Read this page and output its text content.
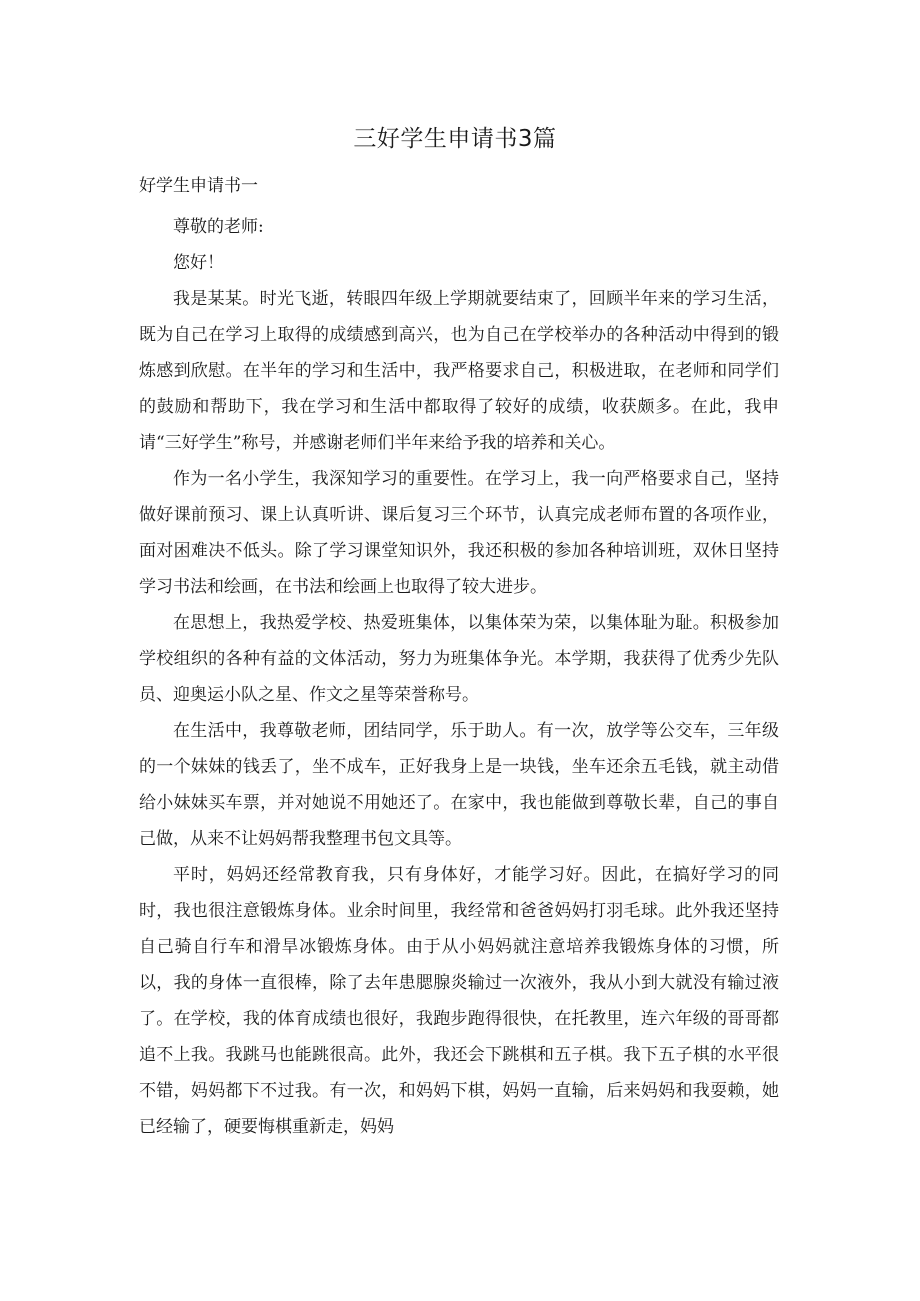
三好学生申请书3篇
好学生申请书一

尊敬的老师:

您好！

我是某某。时光飞逝，转眼四年级上学期就要结束了，回顾半年来的学习生活，既为自己在学习上取得的成绩感到高兴，也为自己在学校举办的各种活动中得到的锻炼感到欣慰。在半年的学习和生活中，我严格要求自己，积极进取，在老师和同学们的鼓励和帮助下，我在学习和生活中都取得了较好的成绩，收获颇多。在此，我申请“三好学生”称号，并感谢老师们半年来给予我的培养和关心。

作为一名小学生，我深知学习的重要性。在学习上，我一向严格要求自己，坚持做好课前预习、课上认真听讲、课后复习三个环节，认真完成老师布置的各项作业，面对困难决不低头。除了学习课堂知识外，我还积极的参加各种培训班，双休日坚持学习书法和绘画，在书法和绘画上也取得了较大进步。

在思想上，我热爱学校、热爱班集体，以集体荣为荣，以集体耻为耻。积极参加学校组织的各种有益的文体活动，努力为班集体争光。本学期，我获得了优秀少先队员、迎奥运小队之星、作文之星等荣誉称号。

在生活中，我尊敬老师，团结同学，乐于助人。有一次，放学等公交车，三年级的一个妹妹的钱丢了，坐不成车，正好我身上是一块钱，坐车还余五毛钱，就主动借给小妹妹买车票，并对她说不用她还了。在家中，我也能做到尊敬长辈，自己的事自己做，从来不让妈妈帮我整理书包文具等。

平时，妈妈还经常教育我，只有身体好，才能学习好。因此，在搞好学习的同时，我也很注意锻炼身体。业余时间里，我经常和爸爸妈妈打羽毛球。此外我还坚持自己骑自行车和滑旱冰锻炼身体。由于从小妈妈就注意培养我锻炼身体的习惯，所以，我的身体一直很棒，除了去年患腮腺炎输过一次液外，我从小到大就没有输过液了。在学校，我的体育成绩也很好，我跑步跑得很快，在托教里，连六年级的哥哥都追不上我。我跳马也能跳很高。此外，我还会下跳棋和五子棋。我下五子棋的水平很不错，妈妈都下不过我。有一次，和妈妈下棋，妈妈一直输，后来妈妈和我耍赖，她已经输了，硬要悔棋重新走，妈妈
